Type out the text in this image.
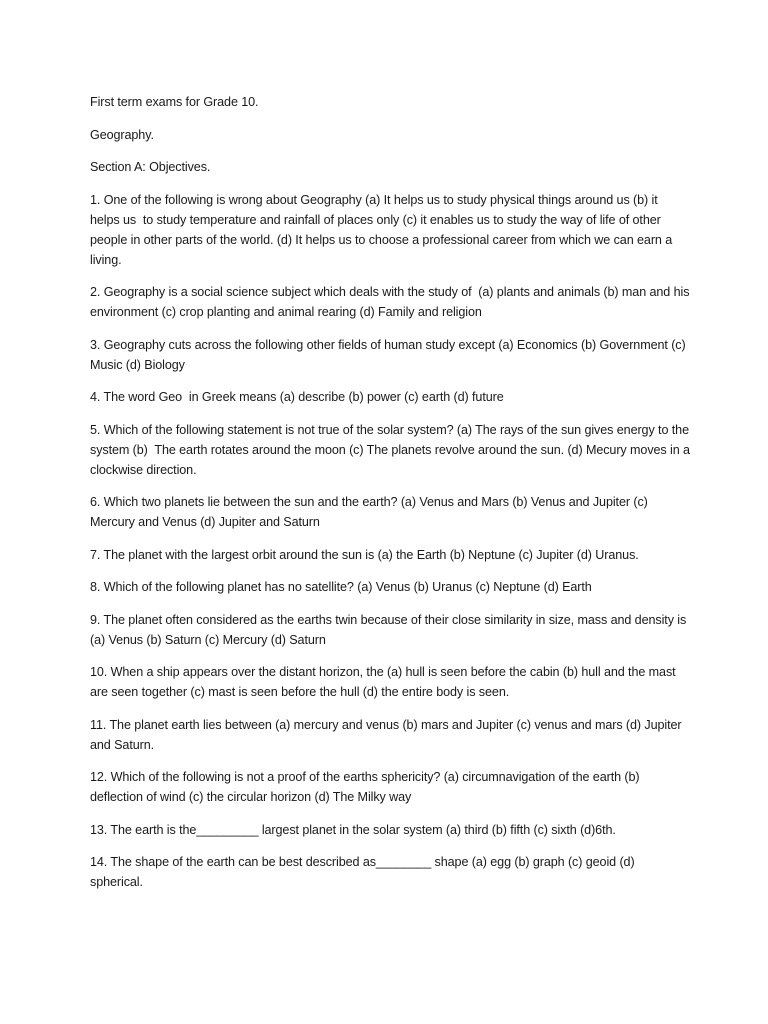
First term exams for Grade 10.

Geography.

Section A: Objectives.

1. One of the following is wrong about Geography (a) It helps us to study physical things around us (b) it helps us  to study temperature and rainfall of places only (c) it enables us to study the way of life of other people in other parts of the world. (d) It helps us to choose a professional career from which we can earn a living.

2. Geography is a social science subject which deals with the study of  (a) plants and animals (b) man and his  environment (c) crop planting and animal rearing (d) Family and religion

3. Geography cuts across the following other fields of human study except (a) Economics (b) Government (c) Music (d) Biology

4. The word Geo  in Greek means (a) describe (b) power (c) earth (d) future

5. Which of the following statement is not true of the solar system? (a) The rays of the sun gives energy to the system (b)  The earth rotates around the moon (c) The planets revolve around the sun. (d) Mecury moves in a clockwise direction.

6. Which two planets lie between the sun and the earth? (a) Venus and Mars (b) Venus and Jupiter (c) Mercury and Venus (d) Jupiter and Saturn

7. The planet with the largest orbit around the sun is (a) the Earth (b) Neptune (c) Jupiter (d) Uranus.

8. Which of the following planet has no satellite? (a) Venus (b) Uranus (c) Neptune (d) Earth

9. The planet often considered as the earths twin because of their close similarity in size, mass and density is (a) Venus (b) Saturn (c) Mercury (d) Saturn

10. When a ship appears over the distant horizon, the (a) hull is seen before the cabin (b) hull and the mast are seen together (c) mast is seen before the hull (d) the entire body is seen.

11. The planet earth lies between (a) mercury and venus (b) mars and Jupiter (c) venus and mars (d) Jupiter and Saturn.

12. Which of the following is not a proof of the earths sphericity? (a) circumnavigation of the earth (b) deflection of wind (c) the circular horizon (d) The Milky way

13. The earth is the_________ largest planet in the solar system (a) third (b) fifth (c) sixth (d)6th.

14. The shape of the earth can be best described as________ shape (a) egg (b) graph (c) geoid (d) spherical.
